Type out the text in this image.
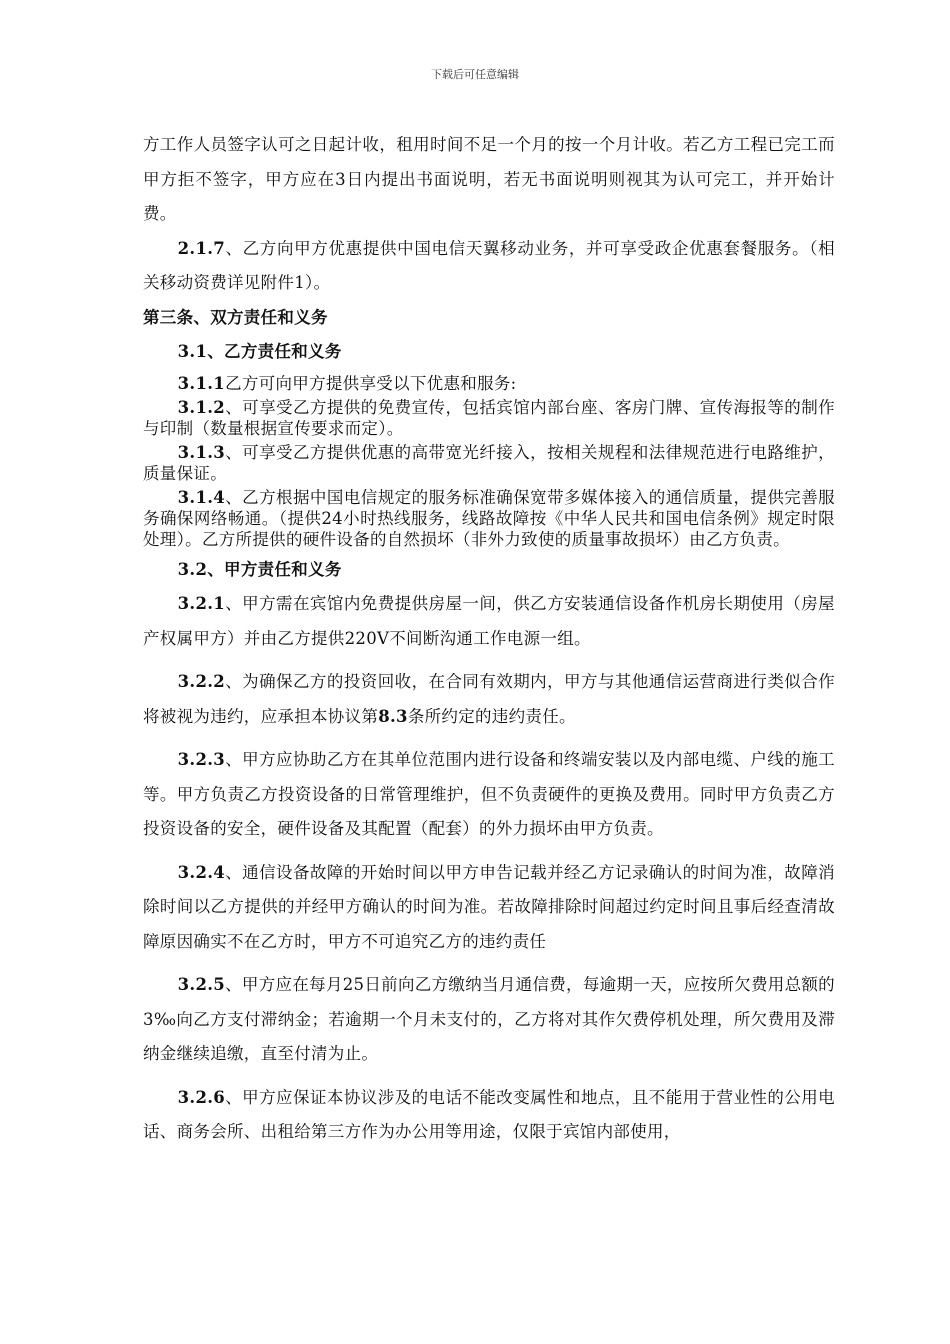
下载后可任意编辑

方工作人员签字认可之日起计收，租用时间不足一个月的按一个月计收。若乙方工程已完工而甲方拒不签字，甲方应在3日内提出书面说明，若无书面说明则视其为认可完工，并开始计费。

2.1.7、乙方向甲方优惠提供中国电信天翼移动业务，并可享受政企优惠套餐服务。（相关移动资费详见附件1）。

第三条、双方责任和义务

3.1、乙方责任和义务

3.1.1乙方可向甲方提供享受以下优惠和服务:

3.1.2、可享受乙方提供的免费宣传，包括宾馆内部台座、客房门牌、宣传海报等的制作与印制（数量根据宣传要求而定）。

3.1.3、可享受乙方提供优惠的高带宽光纤接入，按相关规程和法律规范进行电路维护，质量保证。

3.1.4、乙方根据中国电信规定的服务标准确保宽带多媒体接入的通信质量，提供完善服务确保网络畅通。（提供24小时热线服务，线路故障按《中华人民共和国电信条例》规定时限处理）。乙方所提供的硬件设备的自然损坏（非外力致使的质量事故损坏）由乙方负责。

3.2、甲方责任和义务

3.2.1、甲方需在宾馆内免费提供房屋一间，供乙方安装通信设备作机房长期使用（房屋产权属甲方）并由乙方提供220V不间断沟通工作电源一组。

3.2.2、为确保乙方的投资回收，在合同有效期内，甲方与其他通信运营商进行类似合作将被视为违约，应承担本协议第8.3条所约定的违约责任。

3.2.3、甲方应协助乙方在其单位范围内进行设备和终端安装以及内部电缆、户线的施工等。甲方负责乙方投资设备的日常管理维护，但不负责硬件的更换及费用。同时甲方负责乙方投资设备的安全，硬件设备及其配置（配套）的外力损坏由甲方负责。

3.2.4、通信设备故障的开始时间以甲方申告记载并经乙方记录确认的时间为准，故障消除时间以乙方提供的并经甲方确认的时间为准。若故障排除时间超过约定时间且事后经查清故障原因确实不在乙方时，甲方不可追究乙方的违约责任

3.2.5、甲方应在每月25日前向乙方缴纳当月通信费，每逾期一天，应按所欠费用总额的3‰向乙方支付滞纳金；若逾期一个月未支付的，乙方将对其作欠费停机处理，所欠费用及滞纳金继续追缴，直至付清为止。

3.2.6、甲方应保证本协议涉及的电话不能改变属性和地点，且不能用于营业性的公用电话、商务会所、出租给第三方作为办公用等用途，仅限于宾馆内部使用，
